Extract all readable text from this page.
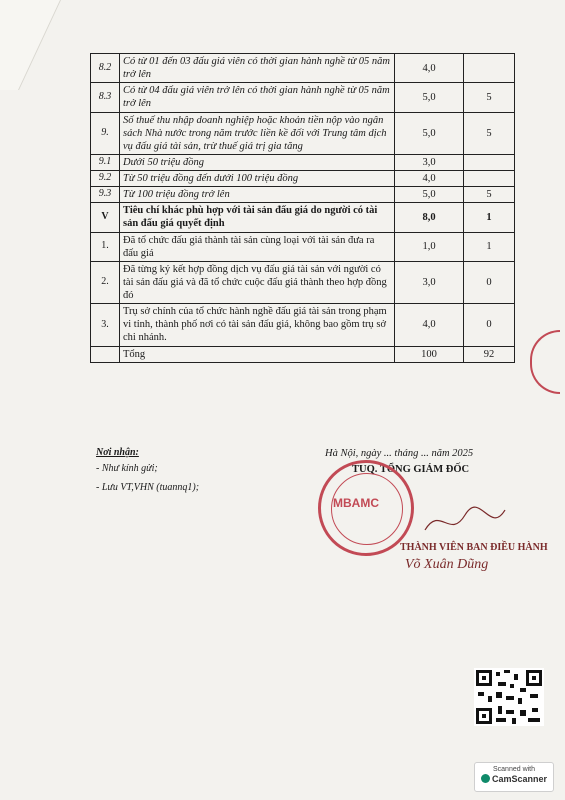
8.2	Có từ 01 đến 03 đấu giá viên có thời gian hành nghề từ 05 năm trở lên	4,0	
8.3	Có từ 04 đấu giá viên trở lên có thời gian hành nghề từ 05 năm trở lên	5,0	5
9.	Số thuế thu nhập doanh nghiệp hoặc khoản tiền nộp vào ngân sách Nhà nước trong năm trước liền kề đối với Trung tâm dịch vụ đấu giá tài sản, trừ thuế giá trị gia tăng	5,0	5
9.1	Dưới 50 triệu đồng	3,0	
9.2	Từ 50 triệu đồng đến dưới 100 triệu đồng	4,0	
9.3	Từ 100 triệu đồng trở lên	5,0	5
V	Tiêu chí khác phù hợp với tài sản đấu giá do người có tài sản đấu giá quyết định	8,0	1
1.	Đã tổ chức đấu giá thành tài sản cùng loại với tài sản đưa ra đấu giá	1,0	1
2.	Đã từng ký kết hợp đồng dịch vụ đấu giá tài sản với người có tài sản đấu giá và đã tổ chức cuộc đấu giá thành theo hợp đồng đó	3,0	0
3.	Trụ sở chính của tổ chức hành nghề đấu giá tài sản trong phạm vi tỉnh, thành phố nơi có tài sản đấu giá, không bao gồm trụ sở chi nhánh.	4,0	0
	Tổng	100	92
Nơi nhận:
- Như kính gửi;
- Lưu VT,VHN (tuannq1);
Hà Nội, ngày ... tháng ... năm 2025
TUQ. TỔNG GIÁM ĐỐC
MBAMC
THÀNH VIÊN BAN ĐIỀU HÀNH
Võ Xuân Dũng
Scanned with
CamScanner
